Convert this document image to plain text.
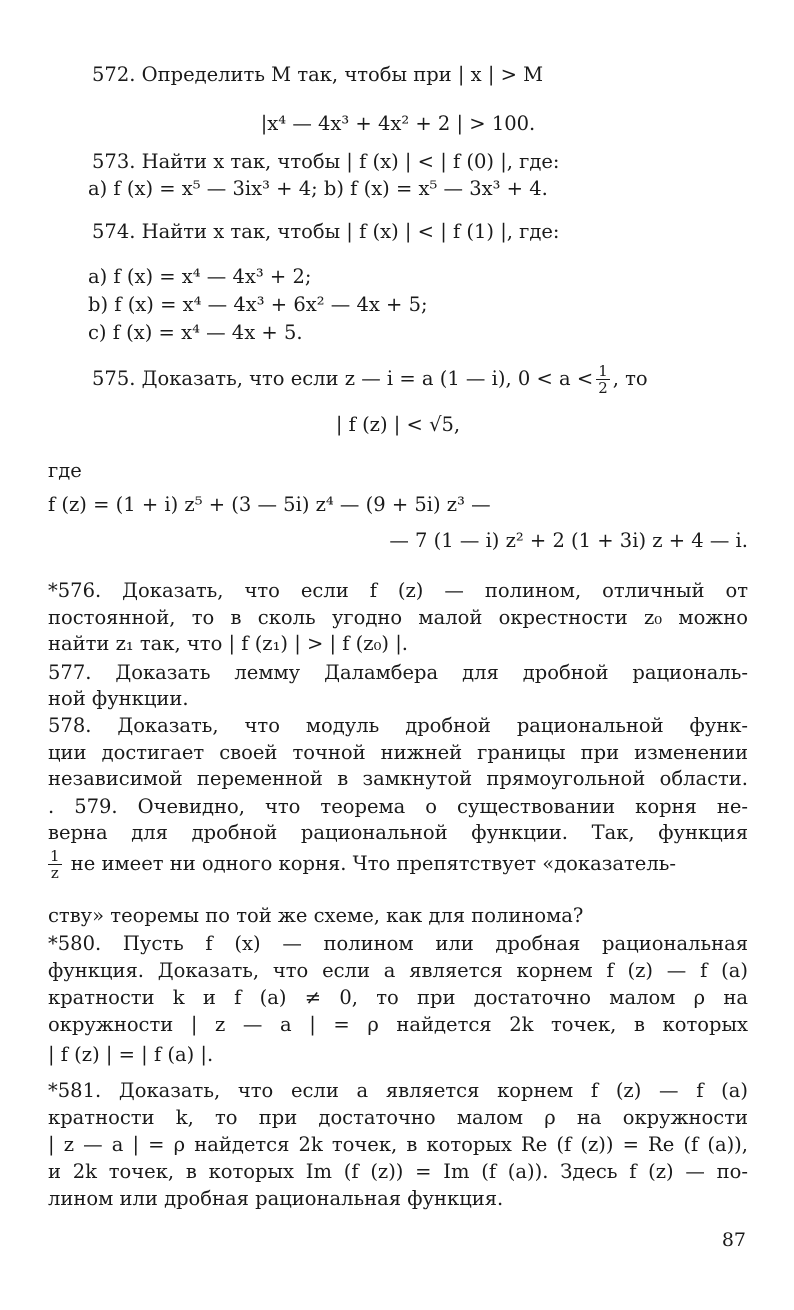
572. Определить M так, чтобы при | x | > M
|x⁴ — 4x³ + 4x² + 2 | > 100.
573. Найти x так, чтобы | f (x) | < | f (0) |, где:
a) f (x) = x⁵ — 3ix³ + 4; b) f (x) = x⁵ — 3x³ + 4.
574. Найти x так, чтобы | f (x) | < | f (1) |, где:
a) f (x) = x⁴ — 4x³ + 2;
b) f (x) = x⁴ — 4x³ + 6x² — 4x + 5;
c) f (x) = x⁴ — 4x + 5.
575. Доказать, что если z — i = a (1 — i), $0 < a < \frac{1}{2}$ , то
| f (z) | < √5,
где
f (z) = (1 + i) z⁵ + (3 — 5i) z⁴ — (9 + 5i) z³ —
— 7 (1 — i) z² + 2 (1 + 3i) z + 4 — i.
*576. Доказать, что если f (z) — полином, отличный от
постоянной, то в сколь угодно малой окрестности z₀ можно
найти z₁ так, что | f (z₁) | > | f (z₀) |.
577. Доказать лемму Даламбера для дробной рациональ-
ной функции.
578. Доказать, что модуль дробной рациональной функ-
ции достигает своей точной нижней границы при изменении
независимой переменной в замкнутой прямоугольной области.
. 579. Очевидно, что теорема о существовании корня не-
верна для дробной рациональной функции. Так, функция
$\frac{1}{z}$ не имеет ни одного корня. Что препятствует «доказатель-
ству» теоремы по той же схеме, как для полинома?
*580. Пусть f (x) — полином или дробная рациональная
функция. Доказать, что если a является корнем f (z) — f (a)
кратности k и f (a) ≠ 0, то при достаточно малом ρ на
окружности | z — a | = ρ найдется 2k точек, в которых
| f (z) | = | f (a) |.
*581. Доказать, что если a является корнем f (z) — f (a)
кратности k, то при достаточно малом ρ на окружности
| z — a | = ρ найдется 2k точек, в которых Re (f (z)) = Re (f (a)),
и 2k точек, в которых Im (f (z)) = Im (f (a)). Здесь f (z) — по-
лином или дробная рациональная функция.
87
